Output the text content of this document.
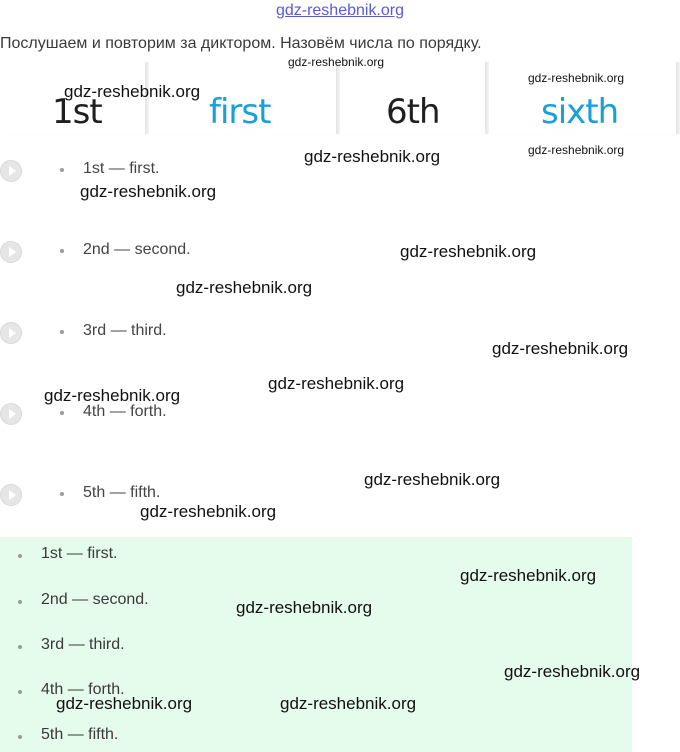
gdz-reshebnik.org
Послушаем и повторим за диктором. Назовём числа по порядку.
1st	first	6th	sixth
1st — first.
2nd — second.
3rd — third.
4th — forth.
5th — fifth.
1st — first.
2nd — second.
3rd — third.
4th — forth.
5th — fifth.
gdz-reshebnik.org
gdz-reshebnik.org
gdz-reshebnik.org
gdz-reshebnik.org
gdz-reshebnik.org
gdz-reshebnik.org
gdz-reshebnik.org
gdz-reshebnik.org
gdz-reshebnik.org
gdz-reshebnik.org
gdz-reshebnik.org
gdz-reshebnik.org
gdz-reshebnik.org
gdz-reshebnik.org
gdz-reshebnik.org
gdz-reshebnik.org
gdz-reshebnik.org	gdz-reshebnik.org
